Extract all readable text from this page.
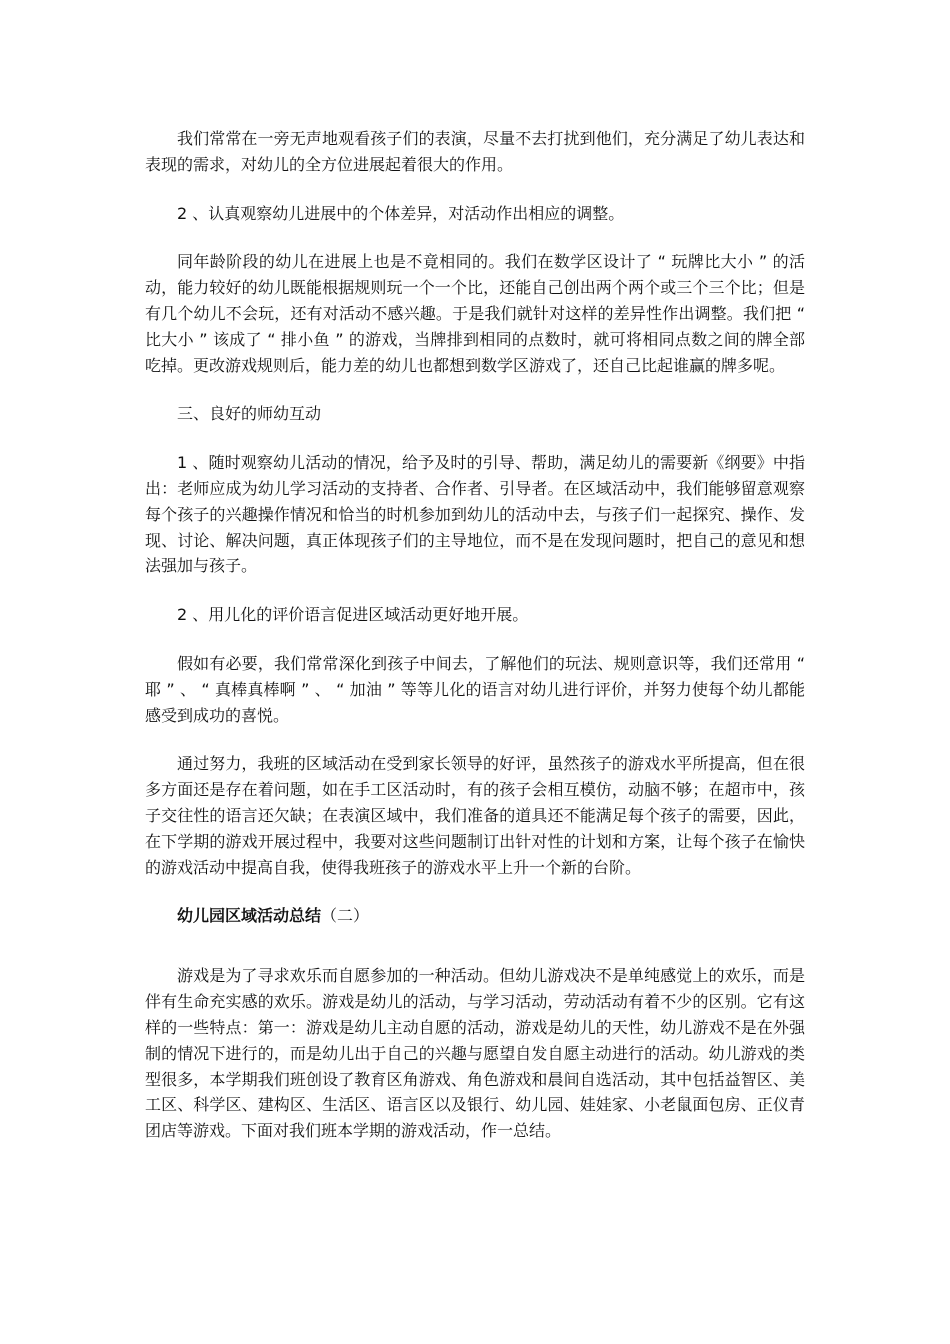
我们常常在一旁无声地观看孩子们的表演，尽量不去打扰到他们，充分满足了幼儿表达和表现的需求，对幼儿的全方位进展起着很大的作用。

2 、认真观察幼儿进展中的个体差异，对活动作出相应的调整。

同年龄阶段的幼儿在进展上也是不竟相同的。我们在数学区设计了 “ 玩牌比大小 ” 的活动，能力较好的幼儿既能根据规则玩一个一个比，还能自己创出两个两个或三个三个比；但是有几个幼儿不会玩，还有对活动不感兴趣。于是我们就针对这样的差异性作出调整。我们把 “ 比大小 ” 该成了 “ 排小鱼 ” 的游戏，当牌排到相同的点数时，就可将相同点数之间的牌全部吃掉。更改游戏规则后，能力差的幼儿也都想到数学区游戏了，还自己比起谁赢的牌多呢。

三、良好的师幼互动

1 、随时观察幼儿活动的情况，给予及时的引导、帮助，满足幼儿的需要新《纲要》中指出：老师应成为幼儿学习活动的支持者、合作者、引导者。在区域活动中，我们能够留意观察每个孩子的兴趣操作情况和恰当的时机参加到幼儿的活动中去，与孩子们一起探究、操作、发现、讨论、解决问题，真正体现孩子们的主导地位，而不是在发现问题时，把自己的意见和想法强加与孩子。

2 、用儿化的评价语言促进区域活动更好地开展。

假如有必要，我们常常深化到孩子中间去，了解他们的玩法、规则意识等，我们还常用 “ 耶 ” 、 “ 真棒真棒啊 ” 、 “ 加油 ” 等等儿化的语言对幼儿进行评价，并努力使每个幼儿都能感受到成功的喜悦。

通过努力，我班的区域活动在受到家长领导的好评，虽然孩子的游戏水平所提高，但在很多方面还是存在着问题，如在手工区活动时，有的孩子会相互模仿，动脑不够；在超市中，孩子交往性的语言还欠缺；在表演区域中，我们准备的道具还不能满足每个孩子的需要，因此，在下学期的游戏开展过程中，我要对这些问题制订出针对性的计划和方案，让每个孩子在愉快的游戏活动中提高自我，使得我班孩子的游戏水平上升一个新的台阶。

幼儿园区域活动总结（二）

游戏是为了寻求欢乐而自愿参加的一种活动。但幼儿游戏决不是单纯感觉上的欢乐，而是伴有生命充实感的欢乐。游戏是幼儿的活动，与学习活动，劳动活动有着不少的区别。它有这样的一些特点：第一：游戏是幼儿主动自愿的活动，游戏是幼儿的天性，幼儿游戏不是在外强制的情况下进行的，而是幼儿出于自己的兴趣与愿望自发自愿主动进行的活动。幼儿游戏的类型很多，本学期我们班创设了教育区角游戏、角色游戏和晨间自选活动，其中包括益智区、美工区、科学区、建构区、生活区、语言区以及银行、幼儿园、娃娃家、小老鼠面包房、正仪青团店等游戏。下面对我们班本学期的游戏活动，作一总结。
